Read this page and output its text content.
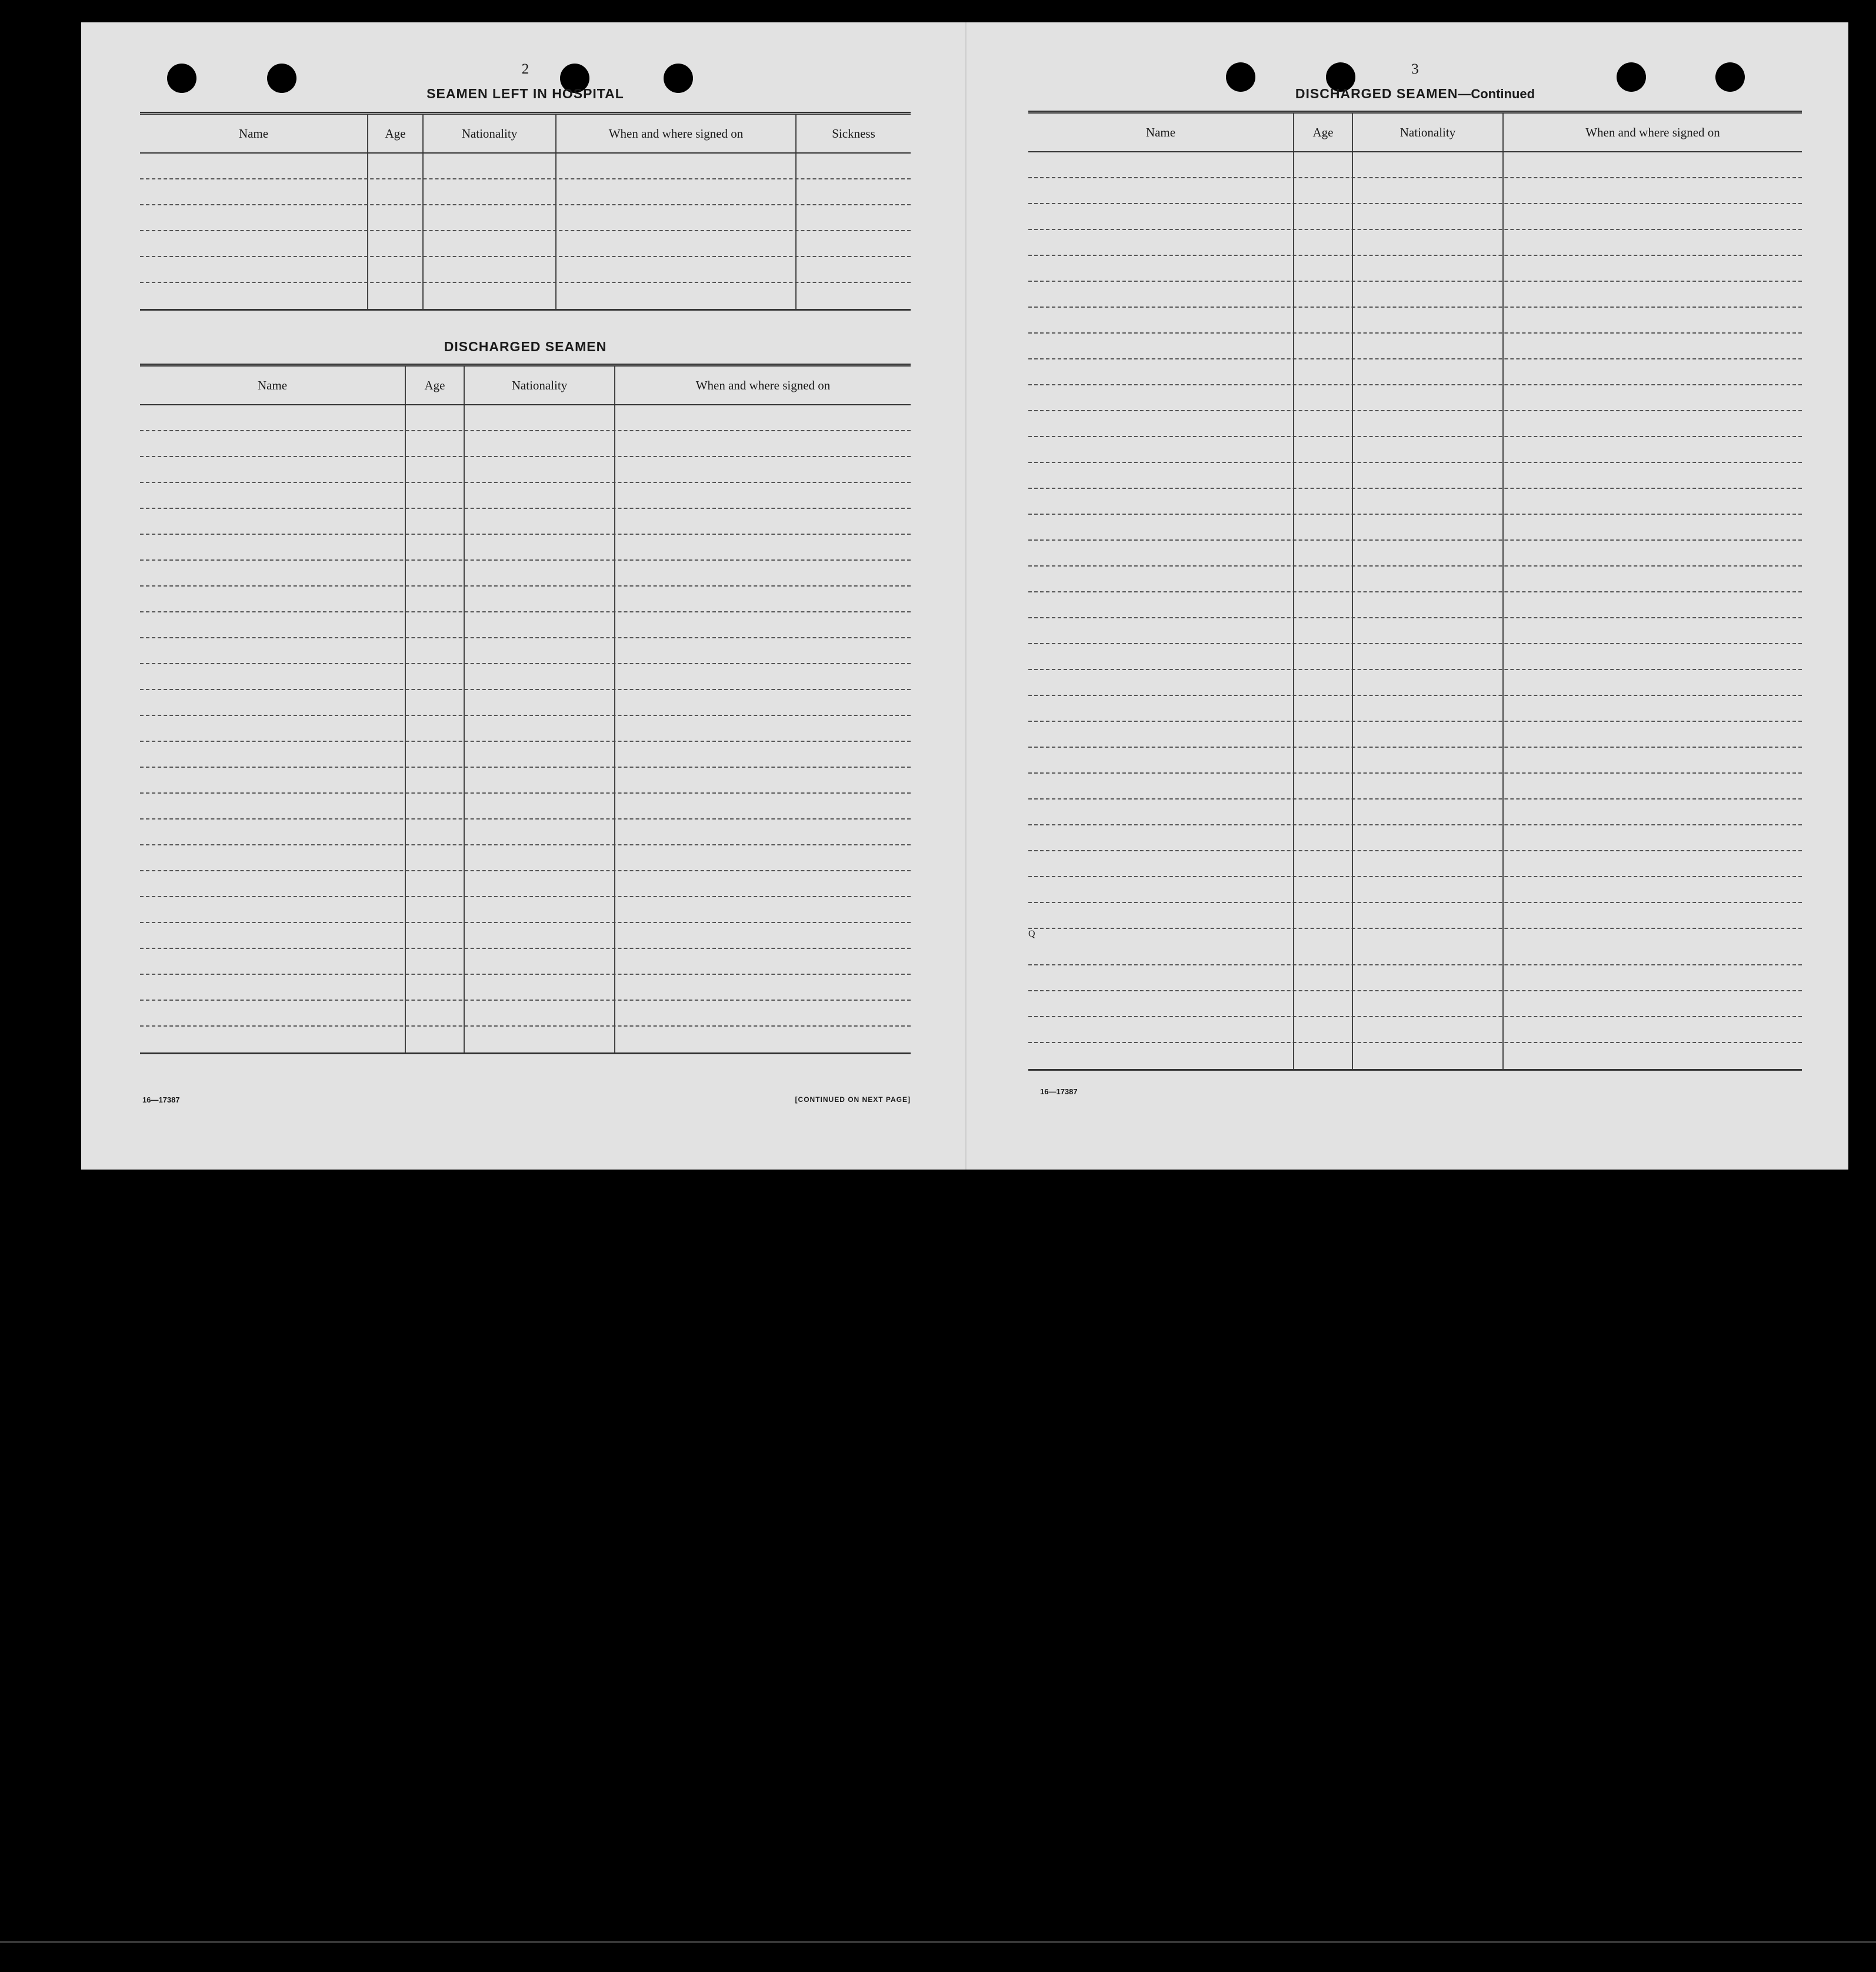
2
SEAMEN LEFT IN HOSPITAL
Name	Age	Nationality	When and where signed on	Sickness
DISCHARGED SEAMEN
Name	Age	Nationality	When and where signed on
16—17387	[CONTINUED ON NEXT PAGE]
3
DISCHARGED SEAMEN—Continued
Name	Age	Nationality	When and where signed on
Q
16—17387
